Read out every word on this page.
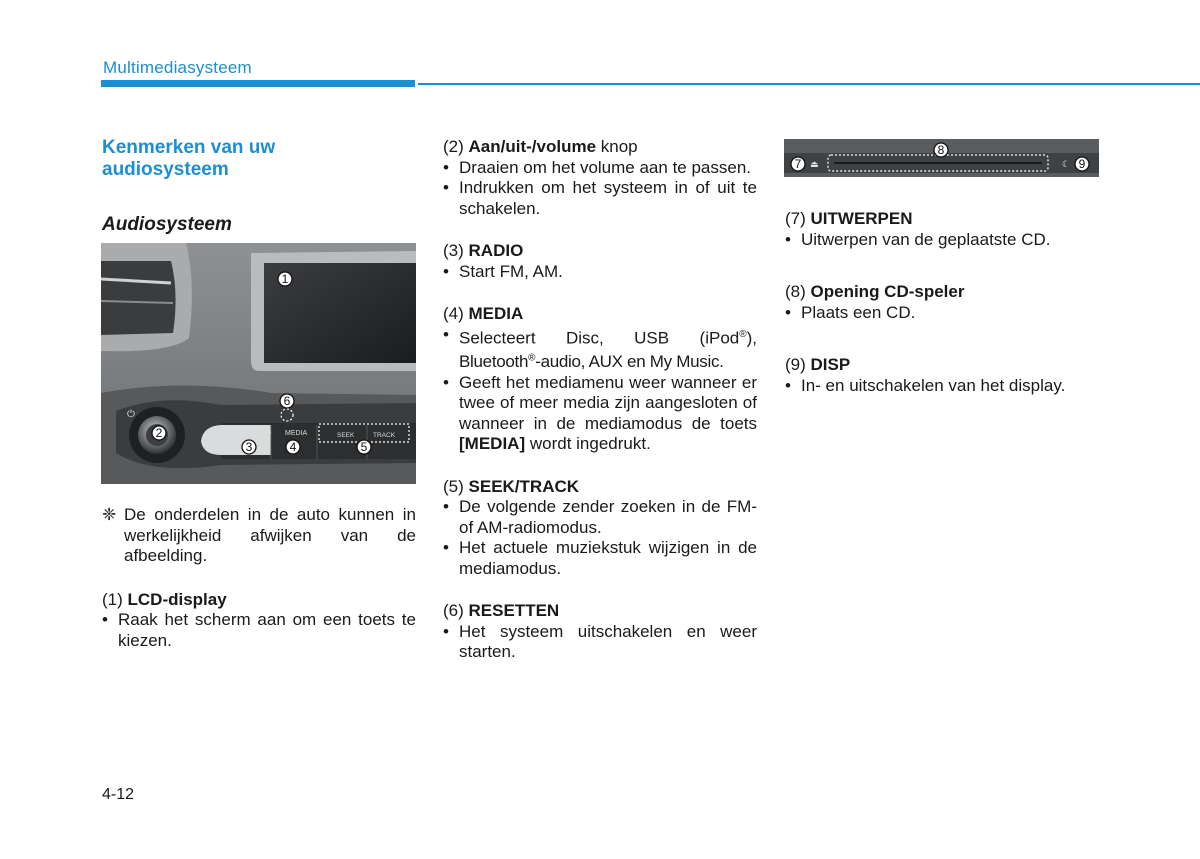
Multimediasysteem
Kenmerken van uw
audiosysteem
Audiosysteem
RADIO MEDIA	SEEK	TRACK
⏻
1
2
3	4	5
6
❈ De onderdelen in de auto kunnen in werkelijkheid afwijken van de afbeelding.

(1) LCD-display

• Raak het scherm aan om een toets te kiezen.

(2) Aan/uit-/volume knop

• Draaien om het volume aan te passen.

• Indrukken om het systeem in of uit te schakelen.

(3) RADIO

• Start FM, AM.

(4) MEDIA

• Selecteert Disc, USB (iPod®), Bluetooth®-audio, AUX en My Music.

• Geeft het mediamenu weer wanneer er twee of meer media zijn aangesloten of wanneer in de mediamodus de toets [MEDIA] wordt ingedrukt.

(5) SEEK/TRACK

• De volgende zender zoeken in de FM- of AM-radiomodus.

• Het actuele muziekstuk wijzigen in de mediamodus.

(6) RESETTEN

• Het systeem uitschakelen en weer starten.

⏏	☾
7
8
9

(7) UITWERPEN

• Uitwerpen van de geplaatste CD.

(8) Opening CD-speler

• Plaats een CD.

(9) DISP

• In- en uitschakelen van het display.

4-12
